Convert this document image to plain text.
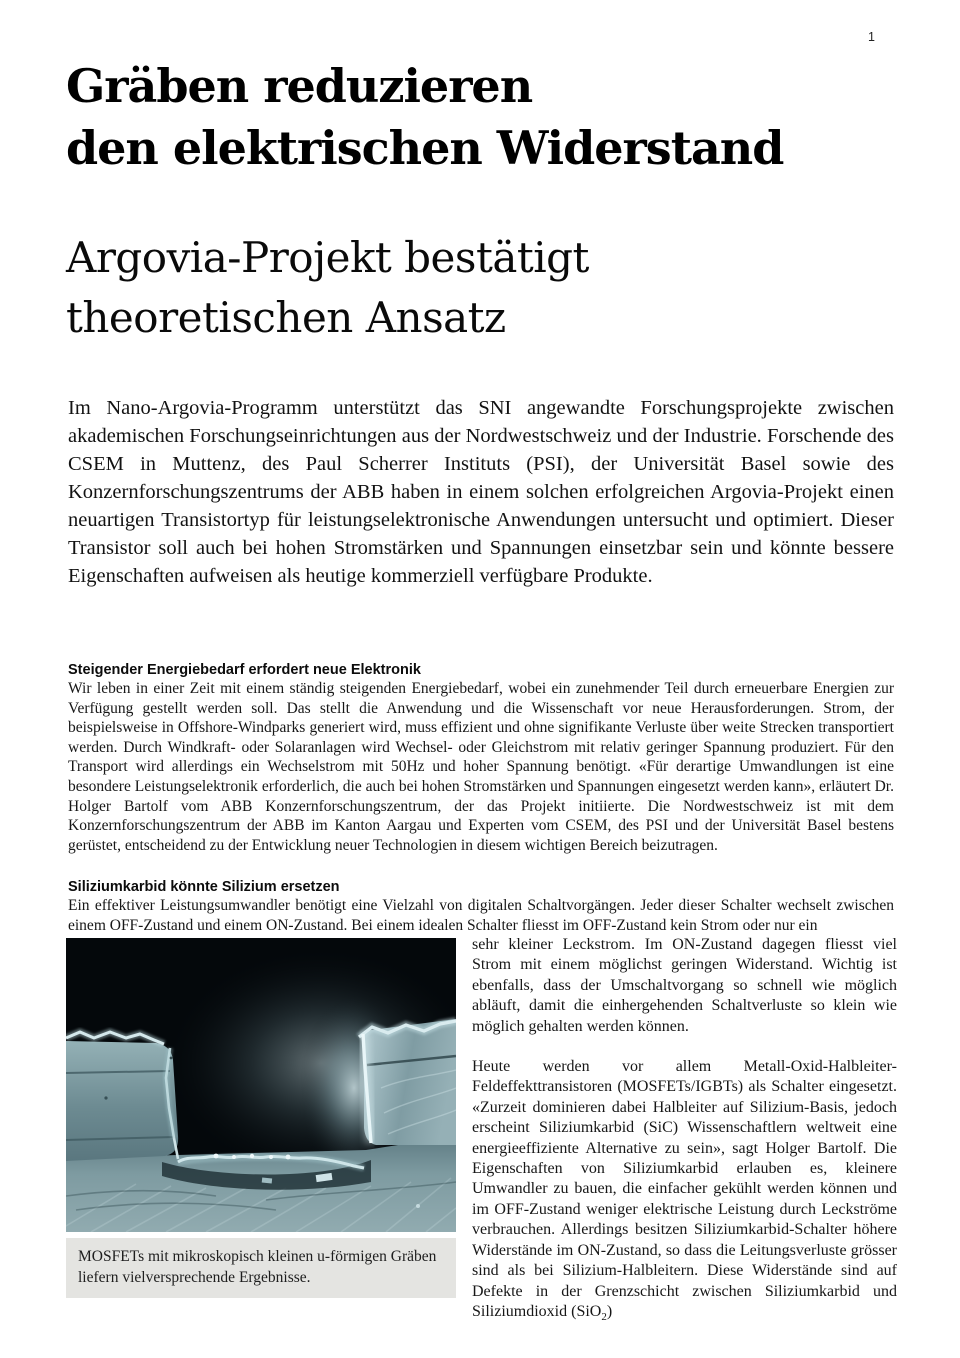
1
Gräben reduzieren
den elektrischen Widerstand
Argovia-Projekt bestätigt
theoretischen Ansatz

Im Nano-Argovia-Programm unterstützt das SNI angewandte Forschungsprojekte zwischen akademischen Forschungseinrichtungen aus der Nordwestschweiz und der Industrie. Forschende des CSEM in Muttenz, des Paul Scherrer Instituts (PSI), der Universität Basel sowie des Konzernforschungszentrums der ABB haben in einem solchen erfolgreichen Argovia-Projekt einen neuartigen Transistortyp für leistungselektronische Anwendungen untersucht und optimiert. Dieser Transistor soll auch bei hohen Stromstärken und Spannungen einsetzbar sein und könnte bessere Eigenschaften aufweisen als heutige kommerziell verfügbare Produkte.

Steigender Energiebedarf erfordert neue Elektronik

Wir leben in einer Zeit mit einem ständig steigenden Energiebedarf, wobei ein zunehmender Teil durch erneuerbare Energien zur Verfügung gestellt werden soll. Das stellt die Anwendung und die Wissenschaft vor neue Herausforderungen. Strom, der beispielsweise in Offshore-Windparks generiert wird, muss effizient und ohne signifikante Verluste über weite Strecken transportiert werden. Durch Windkraft- oder Solaranlagen wird Wechsel- oder Gleichstrom mit relativ geringer Spannung produziert. Für den Transport wird allerdings ein Wechselstrom mit 50Hz und hoher Spannung benötigt. «Für derartige Umwandlungen ist eine besondere Leistungselektronik erforderlich, die auch bei hohen Stromstärken und Spannungen eingesetzt werden kann», erläutert Dr. Holger Bartolf vom ABB Konzernforschungszentrum, der das Projekt initiierte. Die Nordwestschweiz ist mit dem Konzernforschungszentrum der ABB im Kanton Aargau und Experten vom CSEM, des PSI und der Universität Basel bestens gerüstet, entscheidend zu der Entwicklung neuer Technologien in diesem wichtigen Bereich beizutragen.

Siliziumkarbid könnte Silizium ersetzen

Ein effektiver Leistungsumwandler benötigt eine Vielzahl von digitalen Schaltvorgängen. Jeder dieser Schalter wechselt zwischen einem OFF-Zustand und einem ON-Zustand. Bei einem idealen Schalter fliesst im OFF-Zustand kein Strom oder nur ein

MOSFETs mit mikroskopisch kleinen u-förmigen Gräben liefern vielversprechende Ergebnisse.

sehr kleiner Leckstrom. Im ON-Zustand dagegen fliesst viel Strom mit einem möglichst geringen Widerstand. Wichtig ist ebenfalls, dass der Umschaltvorgang so schnell wie möglich abläuft, damit die einhergehenden Schaltverluste so klein wie möglich gehalten werden können.

Heute werden vor allem Metall-Oxid-Halbleiter-Feldeffekttransistoren (MOSFETs/IGBTs) als Schalter eingesetzt. «Zurzeit dominieren dabei Halbleiter auf Silizium-Basis, jedoch erscheint Siliziumkarbid (SiC) Wissenschaftlern weltweit eine energieeffiziente Alternative zu sein», sagt Holger Bartolf. Die Eigenschaften von Siliziumkarbid erlauben es, kleinere Umwandler zu bauen, die einfacher gekühlt werden können und im OFF-Zustand weniger elektrische Leistung durch Leckströme verbrauchen. Allerdings besitzen Siliziumkarbid-Schalter höhere Widerstände im ON-Zustand, so dass die Leitungsverluste grösser sind als bei Silizium-Halbleitern. Diese Widerstände sind auf Defekte in der Grenzschicht zwischen Siliziumkarbid und Siliziumdioxid (SiO$_2$)
